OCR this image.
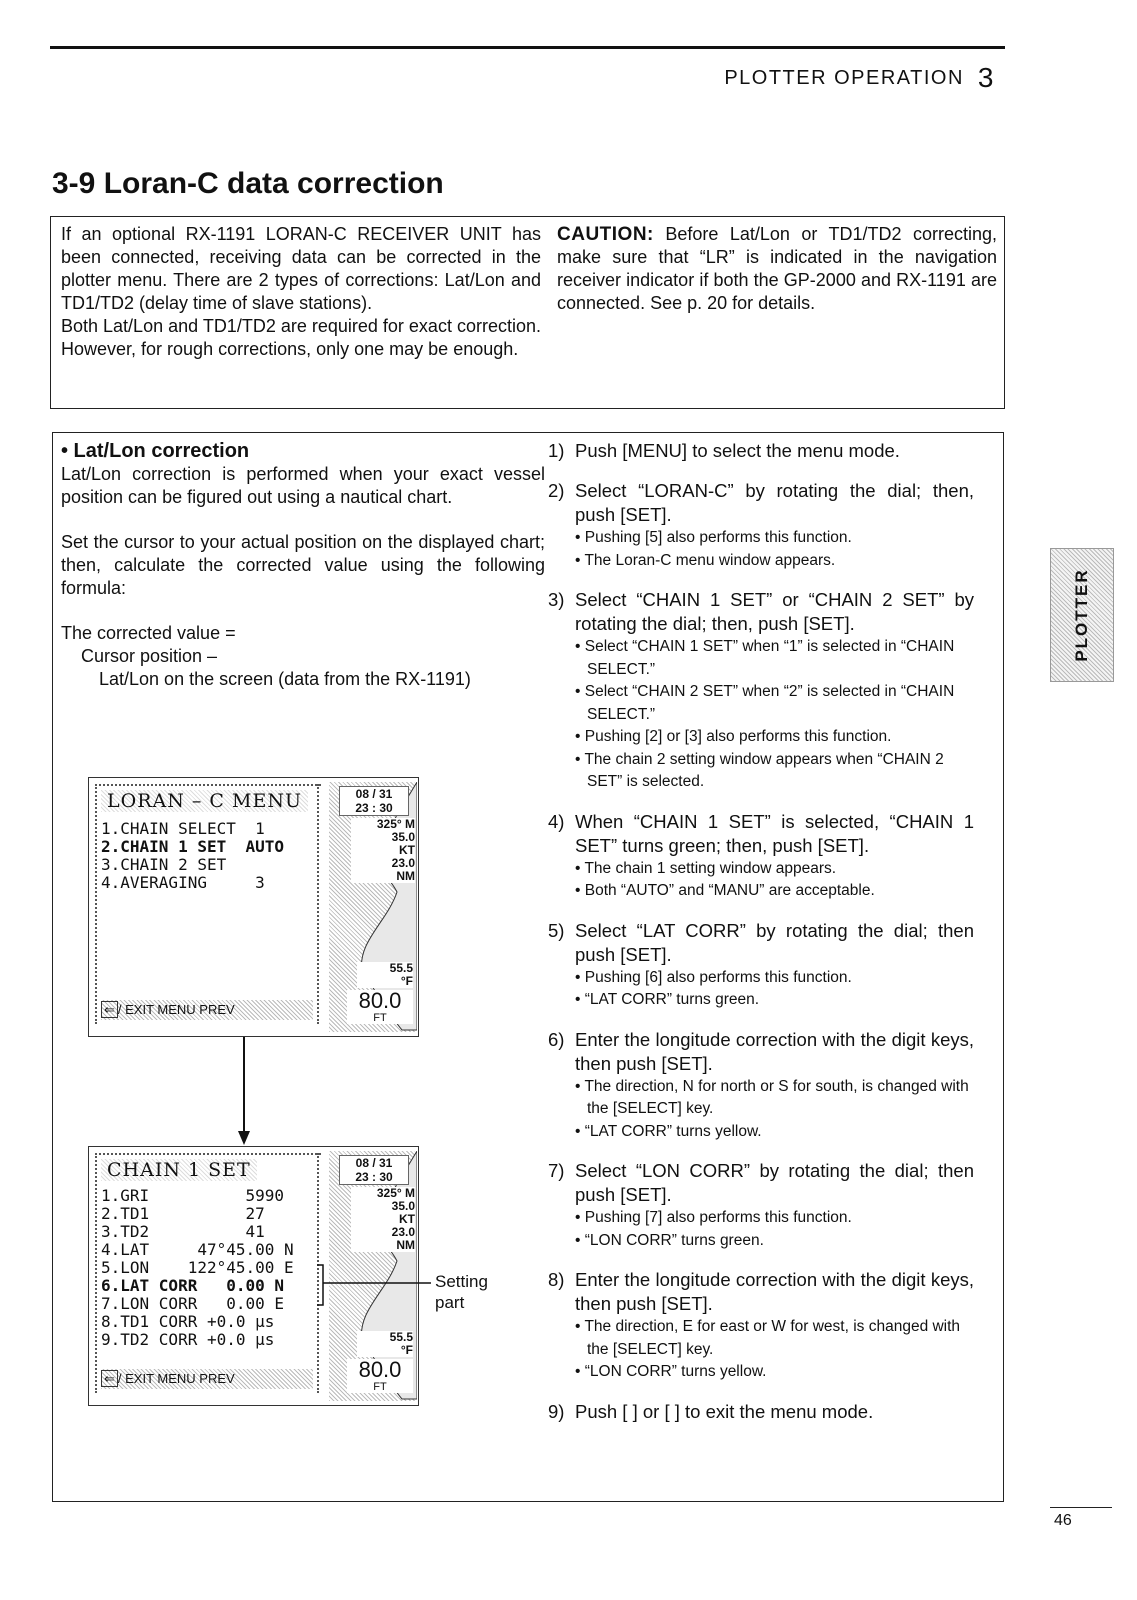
PLOTTER OPERATION 3
3-9 Loran-C data correction

If an optional RX-1191 LORAN-C RECEIVER UNIT has been connected, receiving data can be corrected in the plotter menu. There are 2 types of corrections: Lat/Lon and TD1/TD2 (delay time of slave stations).

Both Lat/Lon and TD1/TD2 are required for exact correction. However, for rough corrections, only one may be enough.

CAUTION: Before Lat/Lon or TD1/TD2 correcting, make sure that “LR” is indicated in the navigation receiver indicator if both the GP-2000 and RX-1191 are connected. See p. 20 for details.

• Lat/Lon correction

Lat/Lon correction is performed when your exact vessel position can be figured out using a nautical chart.

Set the cursor to your actual position on the displayed chart; then, calculate the corrected value using the following formula:

The corrected value =

Cursor position –

Lat/Lon on the screen (data from the RX-1191)

LORAN – C MENU
1.CHAIN SELECT  1
2.CHAIN 1 SET  AUTO
3.CHAIN 2 SET
4.AVERAGING     3
⇐ / EXIT MENU PREV
08 / 31
23 : 30
325° M
35.0
KT
23.0
NM
55.5
°F
80.0
FT
CHAIN 1 SET
1.GRI          5990
2.TD1          27
3.TD2          41
4.LAT     47°45.00 N
5.LON    122°45.00 E
6.LAT CORR   0.00 N
7.LON CORR   0.00 E
8.TD1 CORR +0.0 µs
9.TD2 CORR +0.0 µs
⇐ / EXIT MENU PREV
08 / 31
23 : 30
325° M
35.0
KT
23.0
NM
55.5
°F
80.0
FT
Setting part

1) Push [MENU] to select the menu mode.

2) Select “LORAN-C” by rotating the dial; then, push [SET].

• Pushing [5] also performs this function.

• The Loran-C menu window appears.

3) Select “CHAIN 1 SET” or “CHAIN 2 SET” by rotating the dial; then, push [SET].

• Select “CHAIN 1 SET” when “1” is selected in “CHAIN SELECT.”

• Select “CHAIN 2 SET” when “2” is selected in “CHAIN SELECT.”

• Pushing [2] or [3] also performs this function.

• The chain 2 setting window appears when “CHAIN 2 SET” is selected.

4) When “CHAIN 1 SET” is selected, “CHAIN 1 SET” turns green; then, push [SET].

• The chain 1 setting window appears.

• Both “AUTO” and “MANU” are acceptable.

5) Select “LAT CORR” by rotating the dial; then push [SET].

• Pushing [6] also performs this function.

• “LAT CORR” turns green.

6) Enter the longitude correction with the digit keys, then push [SET].

• The direction, N for north or S for south, is changed with the [SELECT] key.

• “LAT CORR” turns yellow.

7) Select “LON CORR” by rotating the dial; then push [SET].

• Pushing [7] also performs this function.

• “LON CORR” turns green.

8) Enter the longitude correction with the digit keys, then push [SET].

• The direction, E for east or W for west, is changed with the [SELECT] key.

• “LON CORR” turns yellow.

9) Push [ ] or [ ] to exit the menu mode.

PLOTTER
46
